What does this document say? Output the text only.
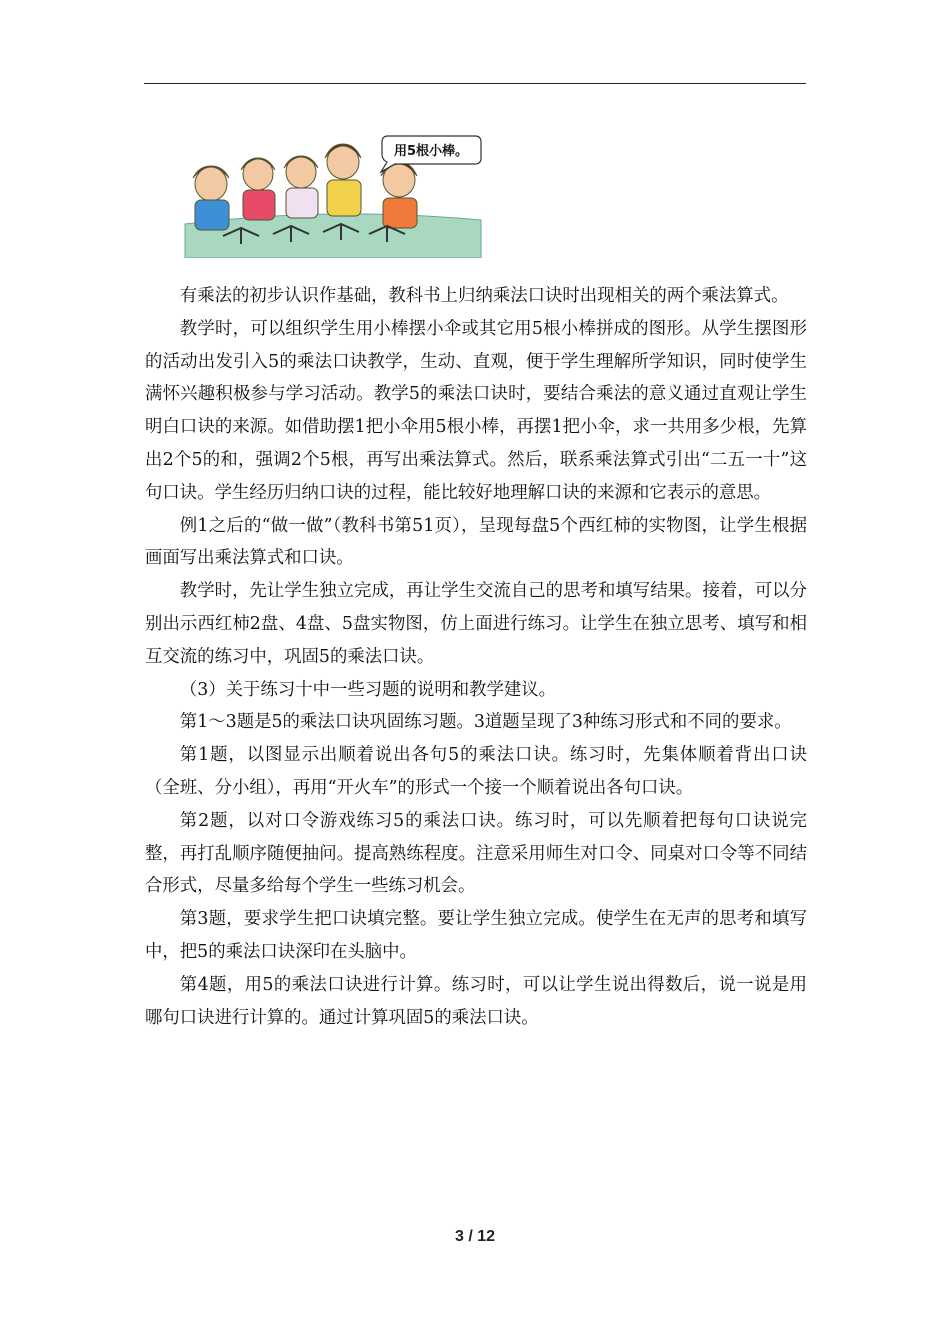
用5根小棒。

有乘法的初步认识作基础，教科书上归纳乘法口诀时出现相关的两个乘法算式。

教学时，可以组织学生用小棒摆小伞或其它用5根小棒拼成的图形。从学生摆图形的活动出发引入5的乘法口诀教学，生动、直观，便于学生理解所学知识，同时使学生满怀兴趣积极参与学习活动。教学5的乘法口诀时，要结合乘法的意义通过直观让学生明白口诀的来源。如借助摆1把小伞用5根小棒，再摆1把小伞，求一共用多少根，先算出2个5的和，强调2个5根，再写出乘法算式。然后，联系乘法算式引出“二五一十”这句口诀。学生经历归纳口诀的过程，能比较好地理解口诀的来源和它表示的意思。

例1之后的“做一做”（教科书第51页），呈现每盘5个西红柿的实物图，让学生根据画面写出乘法算式和口诀。

教学时，先让学生独立完成，再让学生交流自己的思考和填写结果。接着，可以分别出示西红柿2盘、4盘、5盘实物图，仿上面进行练习。让学生在独立思考、填写和相互交流的练习中，巩固5的乘法口诀。

（3）关于练习十中一些习题的说明和教学建议。

第1～3题是5的乘法口诀巩固练习题。3道题呈现了3种练习形式和不同的要求。

第1题，以图显示出顺着说出各句5的乘法口诀。练习时，先集体顺着背出口诀（全班、分小组），再用“开火车”的形式一个接一个顺着说出各句口诀。

第2题，以对口令游戏练习5的乘法口诀。练习时，可以先顺着把每句口诀说完整，再打乱顺序随便抽问。提高熟练程度。注意采用师生对口令、同桌对口令等不同结合形式，尽量多给每个学生一些练习机会。

第3题，要求学生把口诀填完整。要让学生独立完成。使学生在无声的思考和填写中，把5的乘法口诀深印在头脑中。

第4题，用5的乘法口诀进行计算。练习时，可以让学生说出得数后，说一说是用哪句口诀进行计算的。通过计算巩固5的乘法口诀。

3 / 12
